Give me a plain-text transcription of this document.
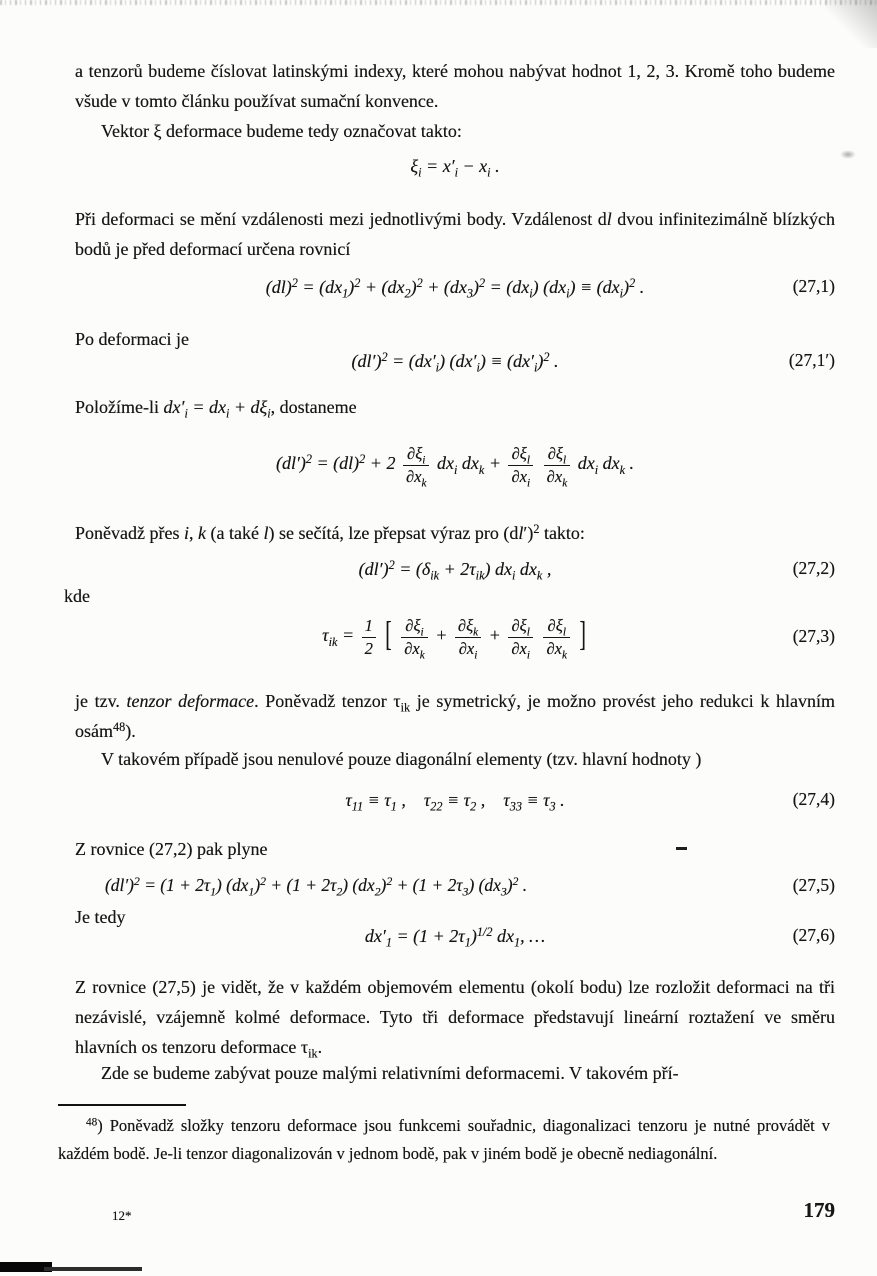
a tenzorů budeme číslovat latinskými indexy, které mohou nabývat hodnot 1, 2, 3. Kromě toho budeme všude v tomto článku používat sumační konvence.

Vektor ξ deformace budeme tedy označovat takto:

$\xi_i = x'_i - x_i$ .

Při deformaci se mění vzdálenosti mezi jednotlivými body. Vzdálenost dl dvou infinitezimálně blízkých bodů je před deformací určena rovnicí

$(dl)^2 = (dx_1)^2 + (dx_2)^2 + (dx_3)^2 = (dx_i) (dx_i) \equiv (dx_i)^2$ .	(27,1)

Po deformaci je

$(dl')^2 = (dx'_i) (dx'_i) \equiv (dx'_i)^2$ .	(27,1′)

Položíme-li $dx'_i = dx_i + d\xi_i$, dostaneme

$(dl')^2 = (dl)^2 + 2 \frac{\partial\xi_i}{\partial x_k} dx_i$ $dx_k + \frac{\partial\xi_l}{\partial x_i}$
$\frac{\partial\xi_l}{\partial x_k} dx_i$ $dx_k$ .

Poněvadž přes i, k (a také l) se sečítá, lze přepsat výraz pro $(dl')^2$ takto:

$(dl')^2 = (\delta_{ik} + 2\tau_{ik})$ $dx_i$ $dx_k$ ,	(27,2)

kde

$\tau_{ik} = \frac{1}{2}$ [ $\frac{\partial\xi_i}{\partial x_k} + \frac{\partial\xi_k}{\partial x_i} + \frac{\partial\xi_l}{\partial x_i}$
$\frac{\partial\xi_l}{\partial x_k}$ ]	(27,3)

je tzv. tenzor deformace. Poněvadž tenzor $\tau_{ik}$ je symetrický, je možno provést jeho redukci k hlavním osám$^{48}$).

V takovém případě jsou nenulové pouze diagonální elementy (tzv. hlavní hodnoty )

$\tau_{11} \equiv \tau_1$ , $\tau_{22} \equiv \tau_2$ , $\tau_{33} \equiv \tau_3$ .	(27,4)

Z rovnice (27,2) pak plyne

$(dl')^2 = (1 + 2\tau_1) (dx_1)^2 + (1 + 2\tau_2) (dx_2)^2 + (1 + 2\tau_3)$ $(dx_3)^2$ .	(27,5)

Je tedy

$dx'_1 = (1 + 2\tau_1)^{1/2}$ $dx_1$, …	(27,6)

Z rovnice (27,5) je vidět, že v každém objemovém elementu (okolí bodu) lze rozložit deformaci na tři nezávislé, vzájemně kolmé deformace. Tyto tři deformace představují lineární roztažení ve směru hlavních os tenzoru deformace $\tau_{ik}$.

Zde se budeme zabývat pouze malými relativními deformacemi. V takovém pří-

$^{48}$) Poněvadž složky tenzoru deformace jsou funkcemi souřadnic, diagonalizaci tenzoru je nutné provádět v každém bodě. Je-li tenzor diagonalizován v jednom bodě, pak v jiném bodě je obecně nediagonální.

12*	179
